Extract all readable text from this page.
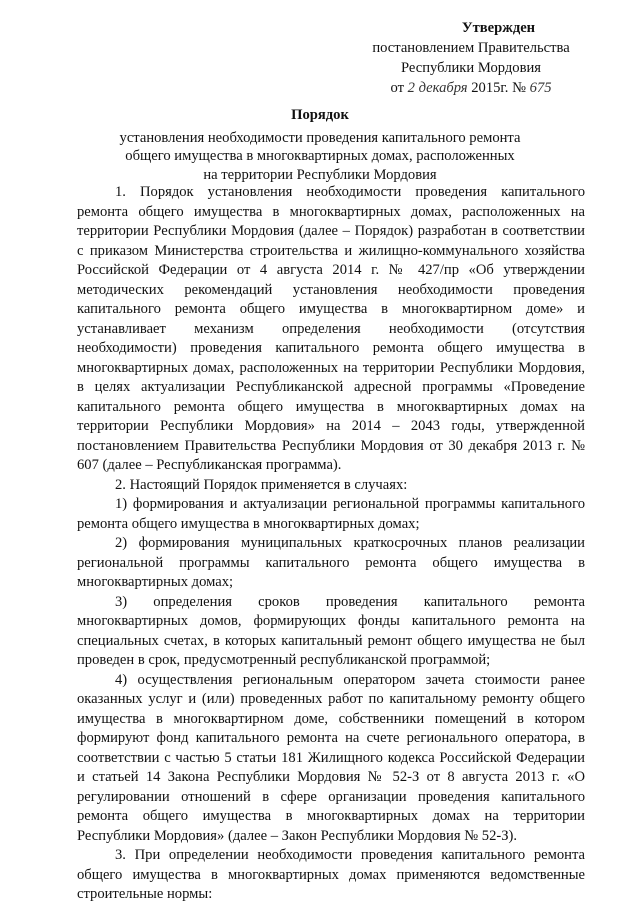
Утвержден
постановлением Правительства
Республики Мордовия
от 2 декабря 2015г. № 675
Порядок
установления необходимости проведения капитального ремонта
общего имущества в многоквартирных домах, расположенных
на территории Республики Мордовия

1. Порядок установления необходимости проведения капитального ремонта общего имущества в многоквартирных домах, расположенных на территории Республики Мордовия (далее – Порядок) разработан в соответствии с приказом Министерства строительства и жилищно-коммунального хозяйства Российской Федерации от 4 августа 2014 г. № 427/пр «Об утверждении методических рекомендаций установления необходимости проведения капитального ремонта общего имущества в многоквартирном доме» и устанавливает механизм определения необходимости (отсутствия необходимости) проведения капитального ремонта общего имущества в многоквартирных домах, расположенных на территории Республики Мордовия, в целях актуализации Республиканской адресной программы «Проведение капитального ремонта общего имущества в многоквартирных домах на территории Республики Мордовия» на 2014 – 2043 годы, утвержденной постановлением Правительства Республики Мордовия от 30 декабря 2013 г. № 607 (далее – Республиканская программа).

2. Настоящий Порядок применяется в случаях:

1) формирования и актуализации региональной программы капитального ремонта общего имущества в многоквартирных домах;

2) формирования муниципальных краткосрочных планов реализации региональной программы капитального ремонта общего имущества в многоквартирных домах;

3) определения сроков проведения капитального ремонта многоквартирных домов, формирующих фонды капитального ремонта на специальных счетах, в которых капитальный ремонт общего имущества не был проведен в срок, предусмотренный республиканской программой;

4) осуществления региональным оператором зачета стоимости ранее оказанных услуг и (или) проведенных работ по капитальному ремонту общего имущества в многоквартирном доме, собственники помещений в котором формируют фонд капитального ремонта на счете регионального оператора, в соответствии с частью 5 статьи 181 Жилищного кодекса Российской Федерации и статьей 14 Закона Республики Мордовия № 52-З от 8 августа 2013 г. «О регулировании отношений в сфере организации проведения капитального ремонта общего имущества в многоквартирных домах на территории Республики Мордовия» (далее – Закон Республики Мордовия № 52-З).

3. При определении необходимости проведения капитального ремонта общего имущества в многоквартирных домах применяются ведомственные строительные нормы:
